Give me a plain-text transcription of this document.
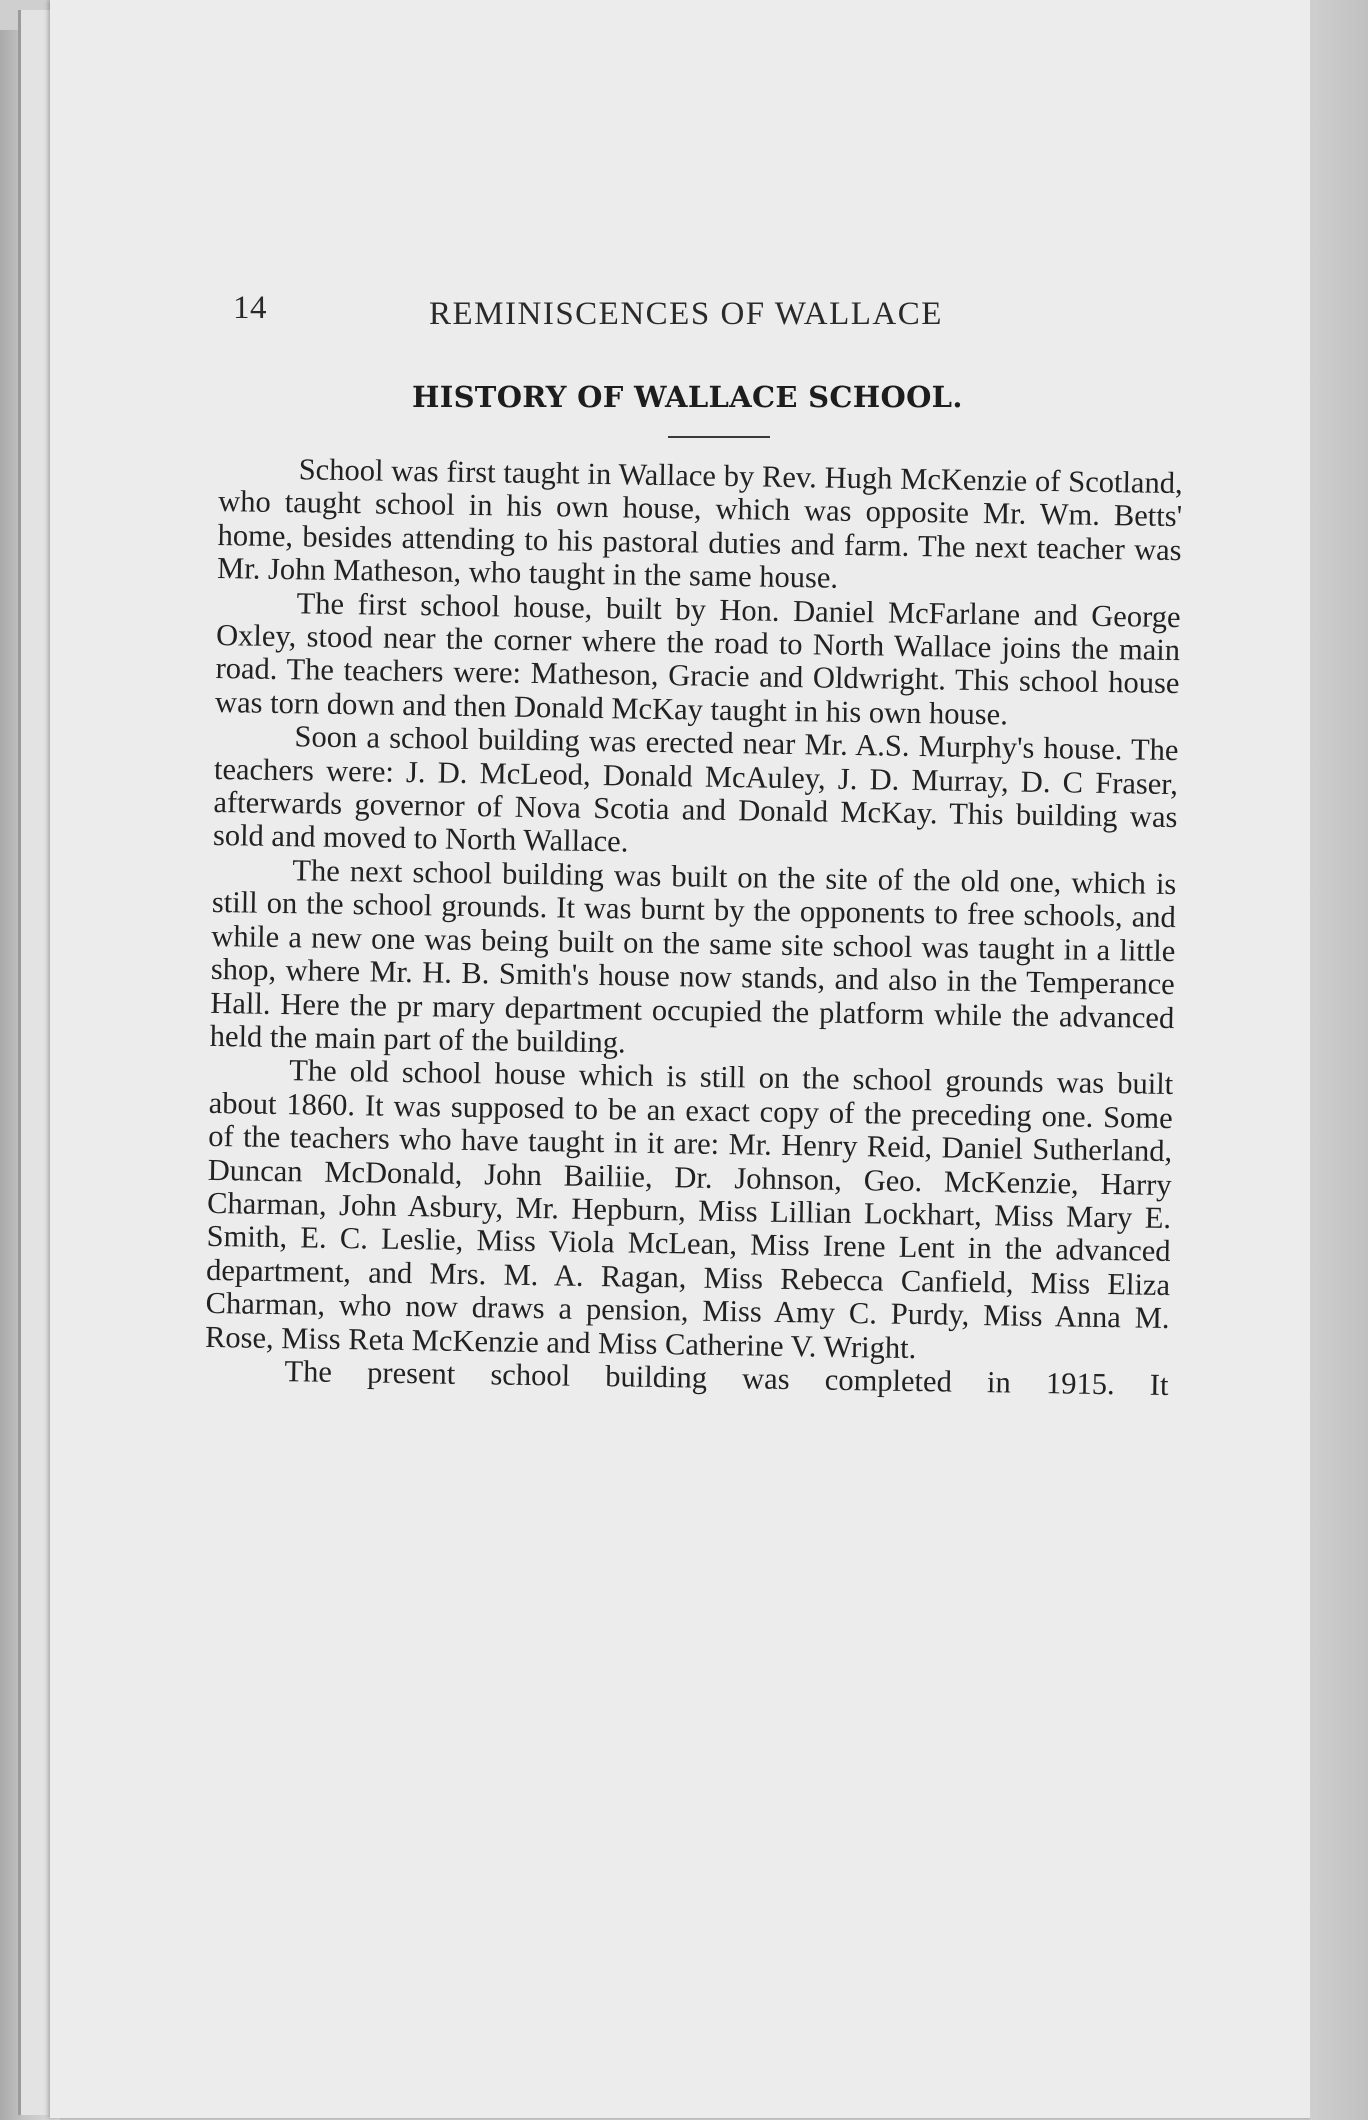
14	REMINISCENCES OF WALLACE
HISTORY OF WALLACE SCHOOL.

School was first taught in Wallace by Rev. Hugh McKenzie of Scotland, who taught school in his own house, which was opposite Mr. Wm. Betts' home, besides attending to his pastoral duties and farm. The next teacher was Mr. John Matheson, who taught in the same house.

The first school house, built by Hon. Daniel McFarlane and George Oxley, stood near the corner where the road to North Wallace joins the main road. The teachers were: Matheson, Gracie and Oldwright. This school house was torn down and then Donald McKay taught in his own house.

Soon a school building was erected near Mr. A.S. Murphy's house. The teachers were: J. D. McLeod, Donald McAuley, J. D. Murray, D. C Fraser, afterwards governor of Nova Scotia and Donald McKay. This building was sold and moved to North Wallace.

The next school building was built on the site of the old one, which is still on the school grounds. It was burnt by the opponents to free schools, and while a new one was being built on the same site school was taught in a little shop, where Mr. H. B. Smith's house now stands, and also in the Temperance Hall. Here the pr mary department occupied the platform while the advanced held the main part of the building.

The old school house which is still on the school grounds was built about 1860. It was supposed to be an exact copy of the preceding one. Some of the teachers who have taught in it are: Mr. Henry Reid, Daniel Sutherland, Duncan McDonald, John Bailiie, Dr. Johnson, Geo. McKenzie, Harry Charman, John Asbury, Mr. Hepburn, Miss Lillian Lockhart, Miss Mary E. Smith, E. C. Leslie, Miss Viola McLean, Miss Irene Lent in the advanced department, and Mrs. M. A. Ragan, Miss Rebecca Canfield, Miss Eliza Charman, who now draws a pension, Miss Amy C. Purdy, Miss Anna M. Rose, Miss Reta McKenzie and Miss Catherine V. Wright.

The present school building was completed in 1915. It
